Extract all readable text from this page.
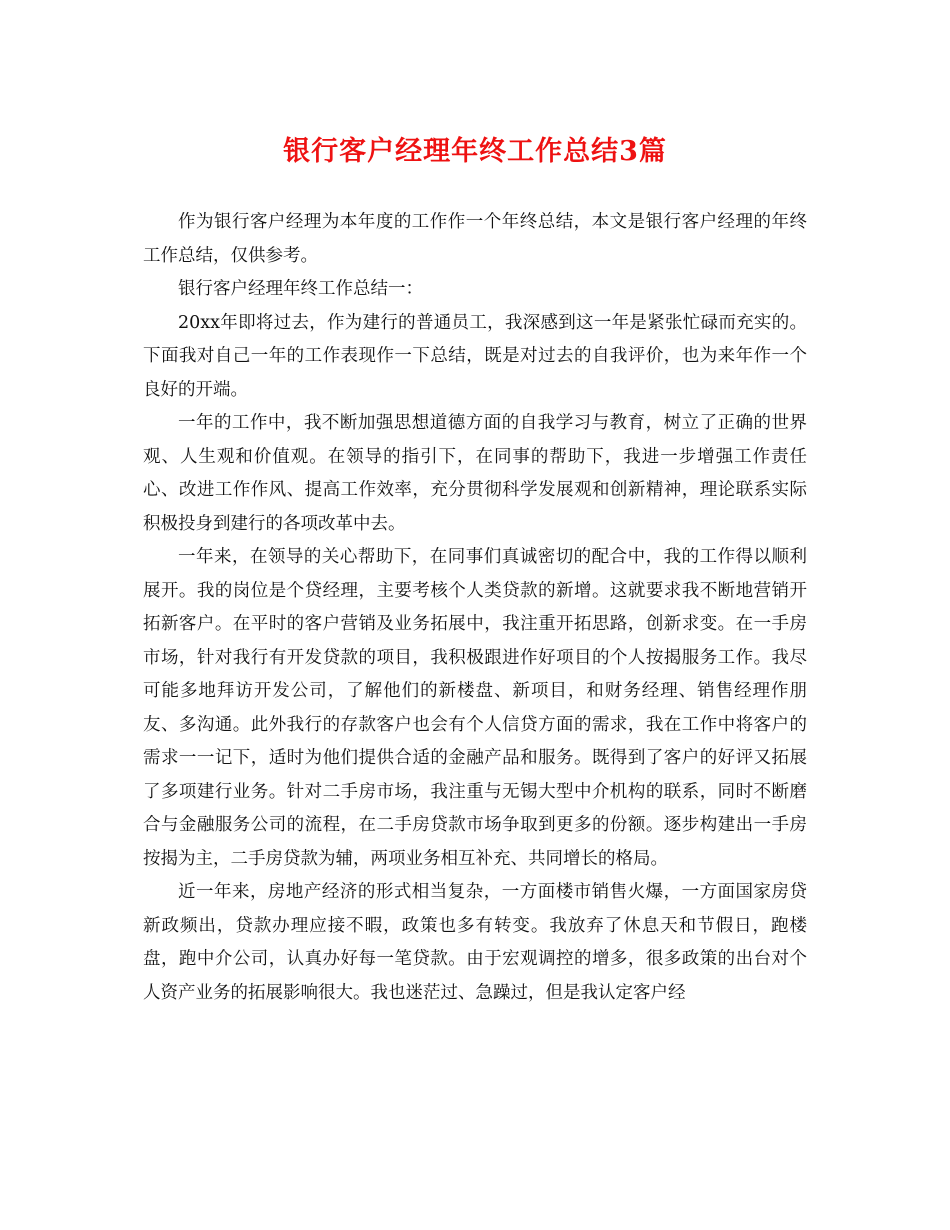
银行客户经理年终工作总结3篇

作为银行客户经理为本年度的工作作一个年终总结，本文是银行客户经理的年终工作总结，仅供参考。

银行客户经理年终工作总结一：

20xx年即将过去，作为建行的普通员工，我深感到这一年是紧张忙碌而充实的。下面我对自己一年的工作表现作一下总结，既是对过去的自我评价，也为来年作一个良好的开端。

一年的工作中，我不断加强思想道德方面的自我学习与教育，树立了正确的世界观、人生观和价值观。在领导的指引下，在同事的帮助下，我进一步增强工作责任心、改进工作作风、提高工作效率，充分贯彻科学发展观和创新精神，理论联系实际积极投身到建行的各项改革中去。

一年来，在领导的关心帮助下，在同事们真诚密切的配合中，我的工作得以顺利展开。我的岗位是个贷经理，主要考核个人类贷款的新增。这就要求我不断地营销开拓新客户。在平时的客户营销及业务拓展中，我注重开拓思路，创新求变。在一手房市场，针对我行有开发贷款的项目，我积极跟进作好项目的个人按揭服务工作。我尽可能多地拜访开发公司，了解他们的新楼盘、新项目，和财务经理、销售经理作朋友、多沟通。此外我行的存款客户也会有个人信贷方面的需求，我在工作中将客户的需求一一记下，适时为他们提供合适的金融产品和服务。既得到了客户的好评又拓展了多项建行业务。针对二手房市场，我注重与无锡大型中介机构的联系，同时不断磨合与金融服务公司的流程，在二手房贷款市场争取到更多的份额。逐步构建出一手房按揭为主，二手房贷款为辅，两项业务相互补充、共同增长的格局。

近一年来，房地产经济的形式相当复杂，一方面楼市销售火爆，一方面国家房贷新政频出，贷款办理应接不暇，政策也多有转变。我放弃了休息天和节假日，跑楼盘，跑中介公司，认真办好每一笔贷款。由于宏观调控的增多，很多政策的出台对个人资产业务的拓展影响很大。我也迷茫过、急躁过，但是我认定客户经
